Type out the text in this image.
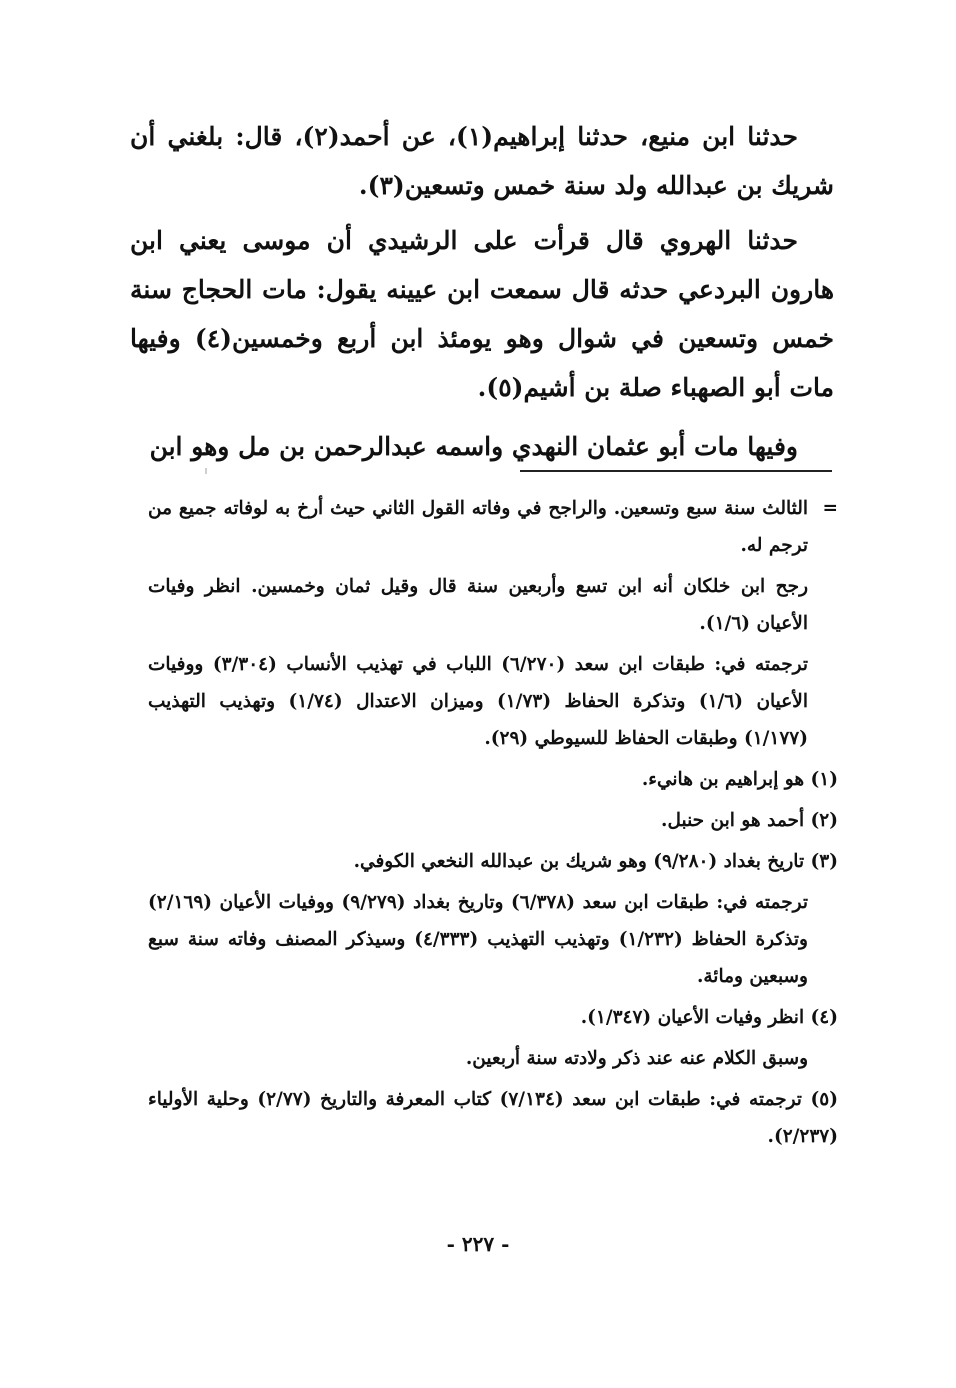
حدثنا ابن منيع، حدثنا إبراهيم(١)، عن أحمد(٢)، قال: بلغني أن شريك بن عبدالله ولد سنة خمس وتسعين(٣).

حدثنا الهروي قال قرأت على الرشيدي أن موسى يعني ابن هارون البردعي حدثه قال سمعت ابن عيينه يقول: مات الحجاج سنة خمس وتسعين في شوال وهو يومئذ ابن أربع وخمسين(٤) وفيها مات أبو الصهباء صلة بن أشيم(٥).

وفيها مات أبو عثمان النهدي واسمه عبدالرحمن بن مل وهو ابن

=
الثالث سنة سبع وتسعين. والراجح في وفاته القول الثاني حيث أرخ به لوفاته جميع من ترجم له.
رجح ابن خلكان أنه ابن تسع وأربعين سنة قال وقيل ثمان وخمسين. انظر وفيات الأعيان (١/٦).
ترجمته في: طبقات ابن سعد (٦/٢٧٠) اللباب في تهذيب الأنساب (٣/٣٠٤) ووفيات الأعيان (١/٦) وتذكرة الحفاظ (١/٧٣) وميزان الاعتدال (١/٧٤) وتهذيب التهذيب (١/١٧٧) وطبقات الحفاظ للسيوطي (٢٩).
(١) هو إبراهيم بن هانيء.
(٢) أحمد هو ابن حنبل.
(٣) تاريخ بغداد (٩/٢٨٠) وهو شريك بن عبدالله النخعي الكوفي.
ترجمته في: طبقات ابن سعد (٦/٣٧٨) وتاريخ بغداد (٩/٢٧٩) ووفيات الأعيان (٢/١٦٩) وتذكرة الحفاظ (١/٢٣٢) وتهذيب التهذيب (٤/٣٣٣) وسيذكر المصنف وفاته سنة سبع وسبعين ومائة.
(٤) انظر وفيات الأعيان (١/٣٤٧).
وسبق الكلام عنه عند ذكر ولادته سنة أربعين.
(٥) ترجمته في: طبقات ابن سعد (٧/١٣٤) كتاب المعرفة والتاريخ (٢/٧٧) وحلية الأولياء (٢/٢٣٧).
- ٢٢٧ -
